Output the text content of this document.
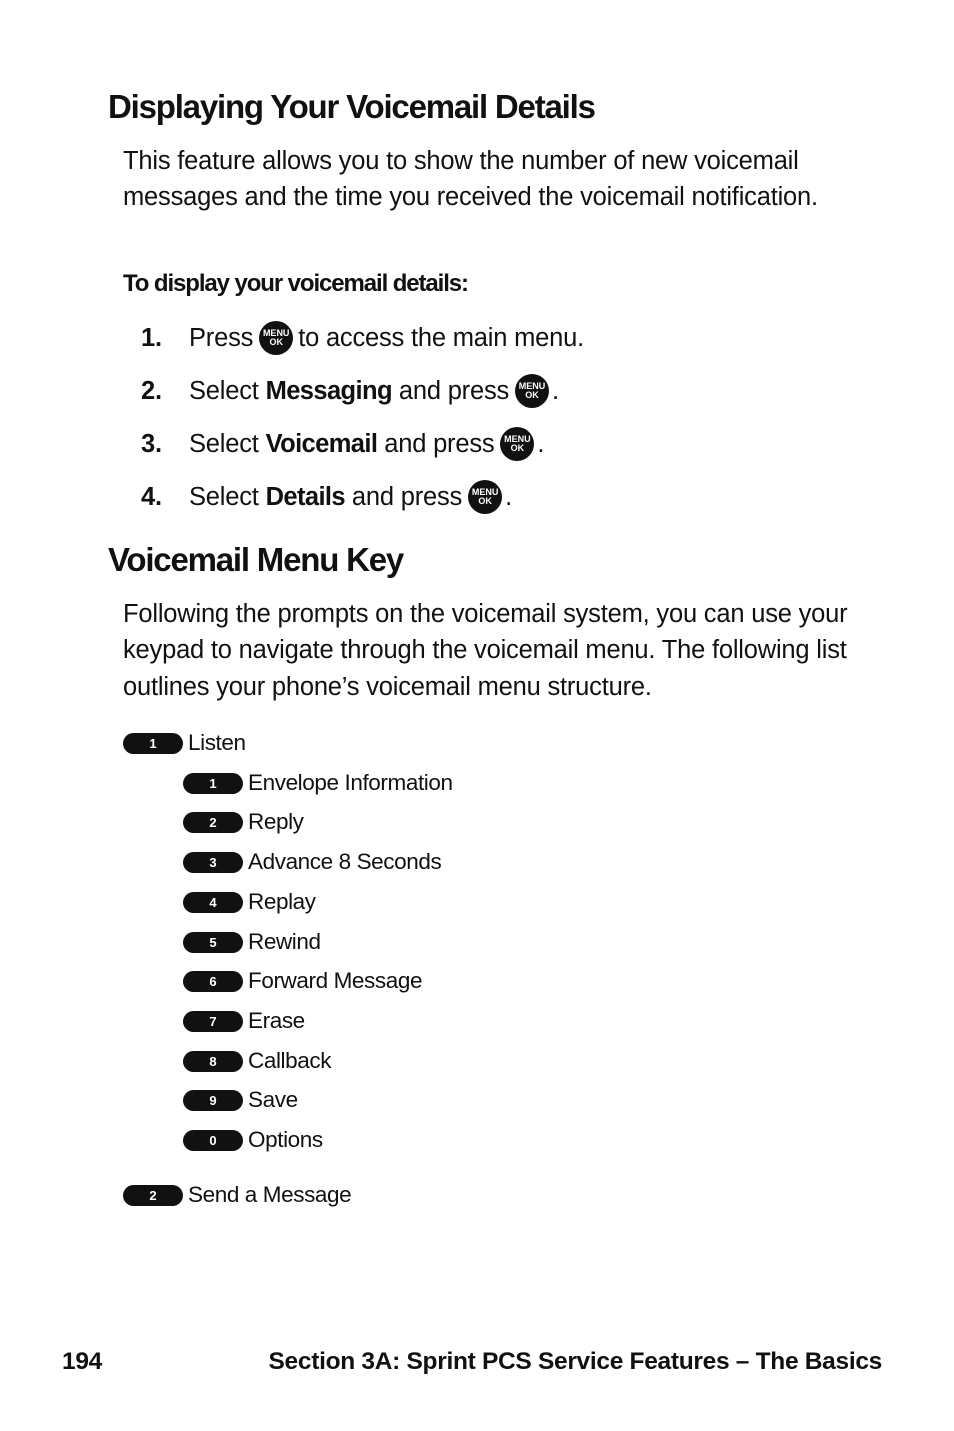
Displaying Your Voicemail Details

This feature allows you to show the number of new voicemail messages and the time you received the voicemail notification.

To display your voicemail details:

1.	Press MENU
OK to access the main menu.
2.	Select
Messaging
and press MENU
OK .
3.	Select
Voicemail
and press MENU
OK .
4.	Select
Details
and press MENU
OK .
Voicemail Menu Key

Following the prompts on the voicemail system, you can use your keypad to navigate through the voicemail menu. The following list outlines your phone’s voicemail menu structure.

1	Listen
1	Envelope Information
2	Reply
3	Advance 8 Seconds
4	Replay
5	Rewind
6	Forward Message
7	Erase
8	Callback
9	Save
0	Options
2	Send a Message
194	Section 3A: Sprint PCS Service Features – The Basics
